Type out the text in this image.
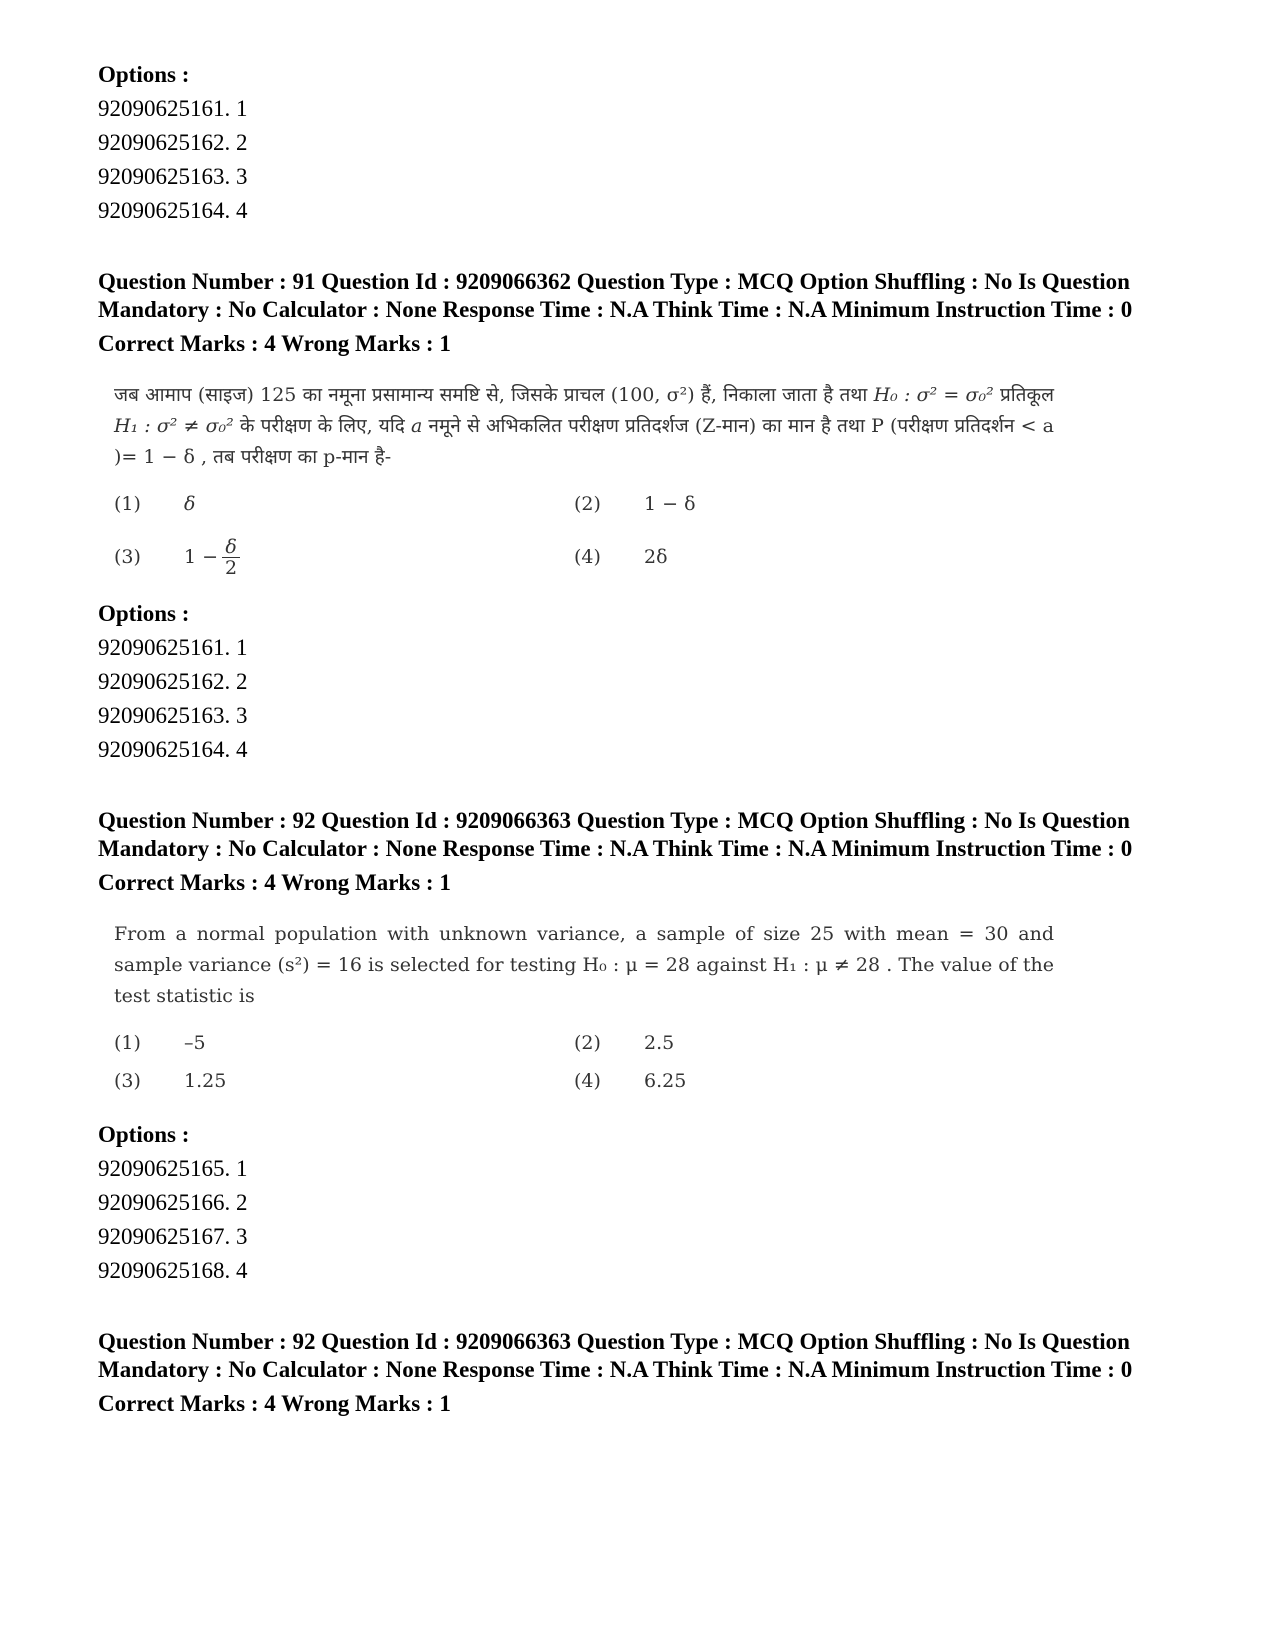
Options :
92090625161. 1
92090625162. 2
92090625163. 3
92090625164. 4
Question Number : 91 Question Id : 9209066362 Question Type : MCQ Option Shuffling : No Is Question Mandatory : No Calculator : None Response Time : N.A Think Time : N.A Minimum Instruction Time : 0
Correct Marks : 4 Wrong Marks : 1
जब आमाप (साइज) 125 का नमूना प्रसामान्य समष्टि से, जिसके प्राचल (100, σ²) हैं, निकाला जाता है तथा H₀ : σ² = σ₀² प्रतिकूल H₁ : σ² ≠ σ₀² के परीक्षण के लिए, यदि a नमूने से अभिकलित परीक्षण प्रतिदर्शज (Z-मान) का मान है तथा P (परीक्षण प्रतिदर्शन < a )= 1 − δ , तब परीक्षण का p-मान है-
(1)	δ	(2)	1 − δ
(3)	$1 - \frac{\delta}{2}$	(4)	2δ
Options :
92090625161. 1
92090625162. 2
92090625163. 3
92090625164. 4
Question Number : 92 Question Id : 9209066363 Question Type : MCQ Option Shuffling : No Is Question Mandatory : No Calculator : None Response Time : N.A Think Time : N.A Minimum Instruction Time : 0
Correct Marks : 4 Wrong Marks : 1
From a normal population with unknown variance, a sample of size 25 with mean = 30 and sample variance (s²) = 16 is selected for testing H₀ : μ = 28 against H₁ : μ ≠ 28 . The value of the test statistic is
(1)	–5	(2)	2.5
(3)	1.25	(4)	6.25
Options :
92090625165. 1
92090625166. 2
92090625167. 3
92090625168. 4
Question Number : 92 Question Id : 9209066363 Question Type : MCQ Option Shuffling : No Is Question Mandatory : No Calculator : None Response Time : N.A Think Time : N.A Minimum Instruction Time : 0
Correct Marks : 4 Wrong Marks : 1
